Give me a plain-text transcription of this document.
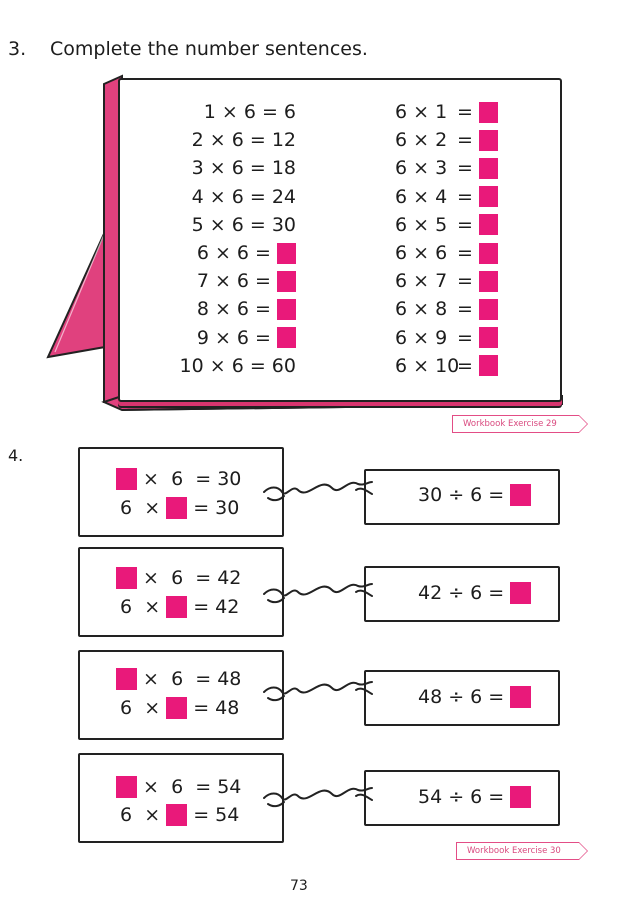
3. Complete the number sentences.
1 × 6 = 6
2 × 6 = 12
3 × 6 = 18
4 × 6 = 24
5 × 6 = 30
6 × 6 =

7 × 6 =

8 × 6 =

9 × 6 =

10 × 6 = 60
6 × 1 =
6 × 2 =
6 × 3 =
6 × 4 =
6 × 5 =
6 × 6 =
6 × 7 =
6 × 8 =
6 × 9 =
6 × 10
=
Workbook Exercise 29
4.

×
6
=
30
6
×

=
30
30 ÷ 6 =

×
6
=
42
6
×

=
42
42 ÷ 6 =

×
6
=
48
6
×

=
48	48 ÷ 6 =

×
6
=
54
6
×

=
54
54 ÷ 6 =

Workbook Exercise 30
73
